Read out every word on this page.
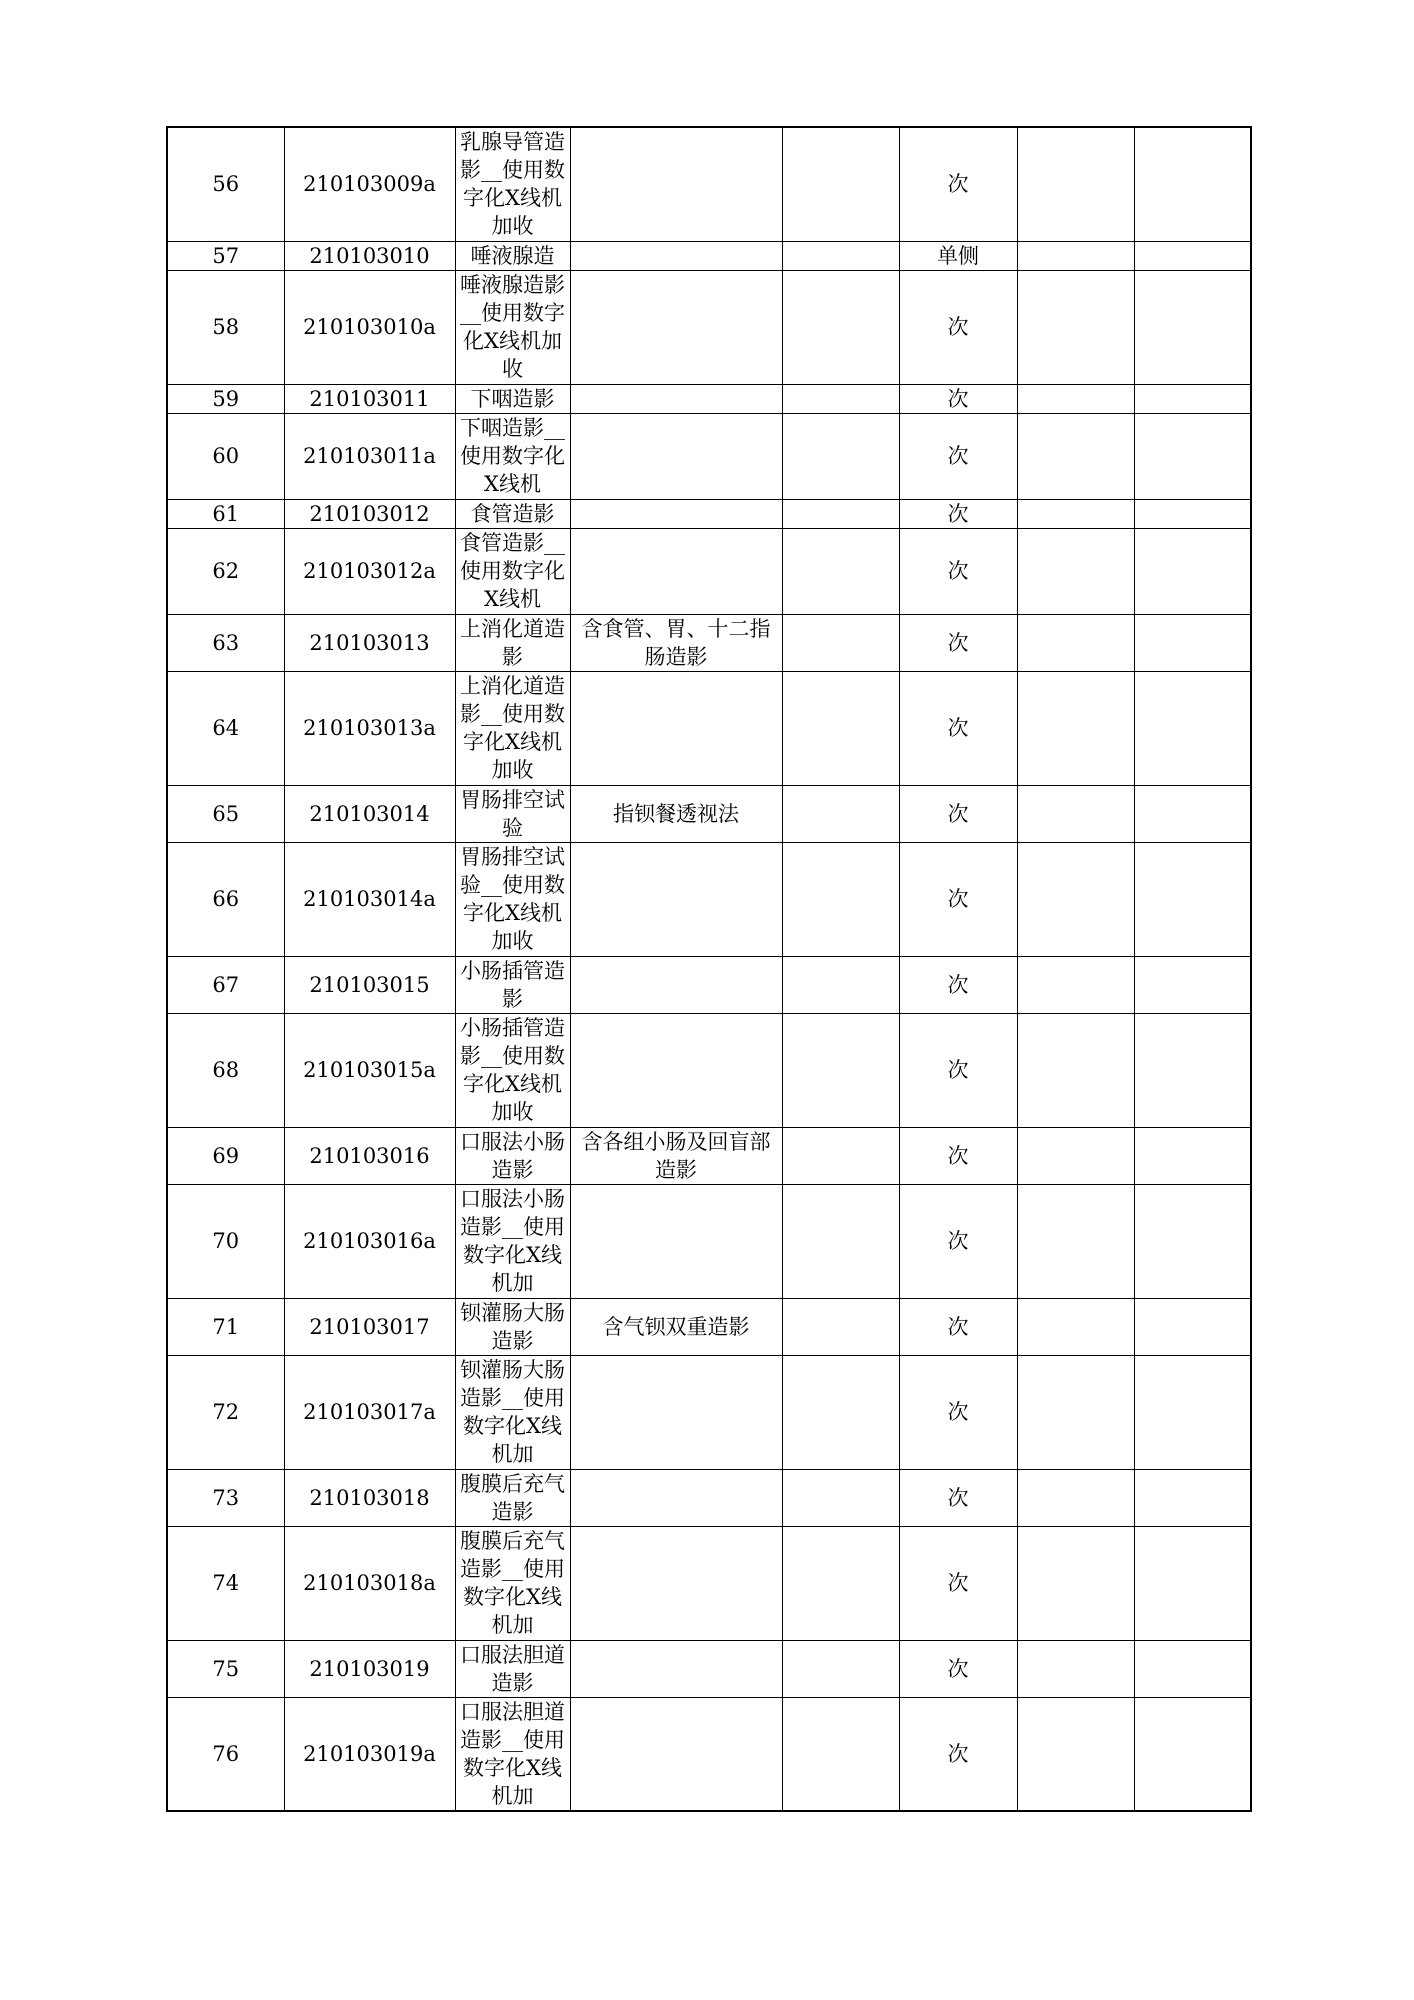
56	210103009a	乳腺导管造影__使用数字化X线机加收			次		
57	210103010	唾液腺造			单侧		
58	210103010a	唾液腺造影__使用数字化X线机加收			次		
59	210103011	下咽造影			次		
60	210103011a	下咽造影__使用数字化X线机			次		
61	210103012	食管造影			次		
62	210103012a	食管造影__使用数字化X线机			次		
63	210103013	上消化道造影	含食管、胃、十二指肠造影		次		
64	210103013a	上消化道造影__使用数字化X线机加收			次		
65	210103014	胃肠排空试验	指钡餐透视法		次		
66	210103014a	胃肠排空试验__使用数字化X线机加收			次		
67	210103015	小肠插管造影			次		
68	210103015a	小肠插管造影__使用数字化X线机加收			次		
69	210103016	口服法小肠造影	含各组小肠及回盲部造影		次		
70	210103016a	口服法小肠造影__使用数字化X线机加			次		
71	210103017	钡灌肠大肠造影	含气钡双重造影		次		
72	210103017a	钡灌肠大肠造影__使用数字化X线机加			次		
73	210103018	腹膜后充气造影			次		
74	210103018a	腹膜后充气造影__使用数字化X线机加			次		
75	210103019	口服法胆道造影			次		
76	210103019a	口服法胆道造影__使用数字化X线机加			次		
